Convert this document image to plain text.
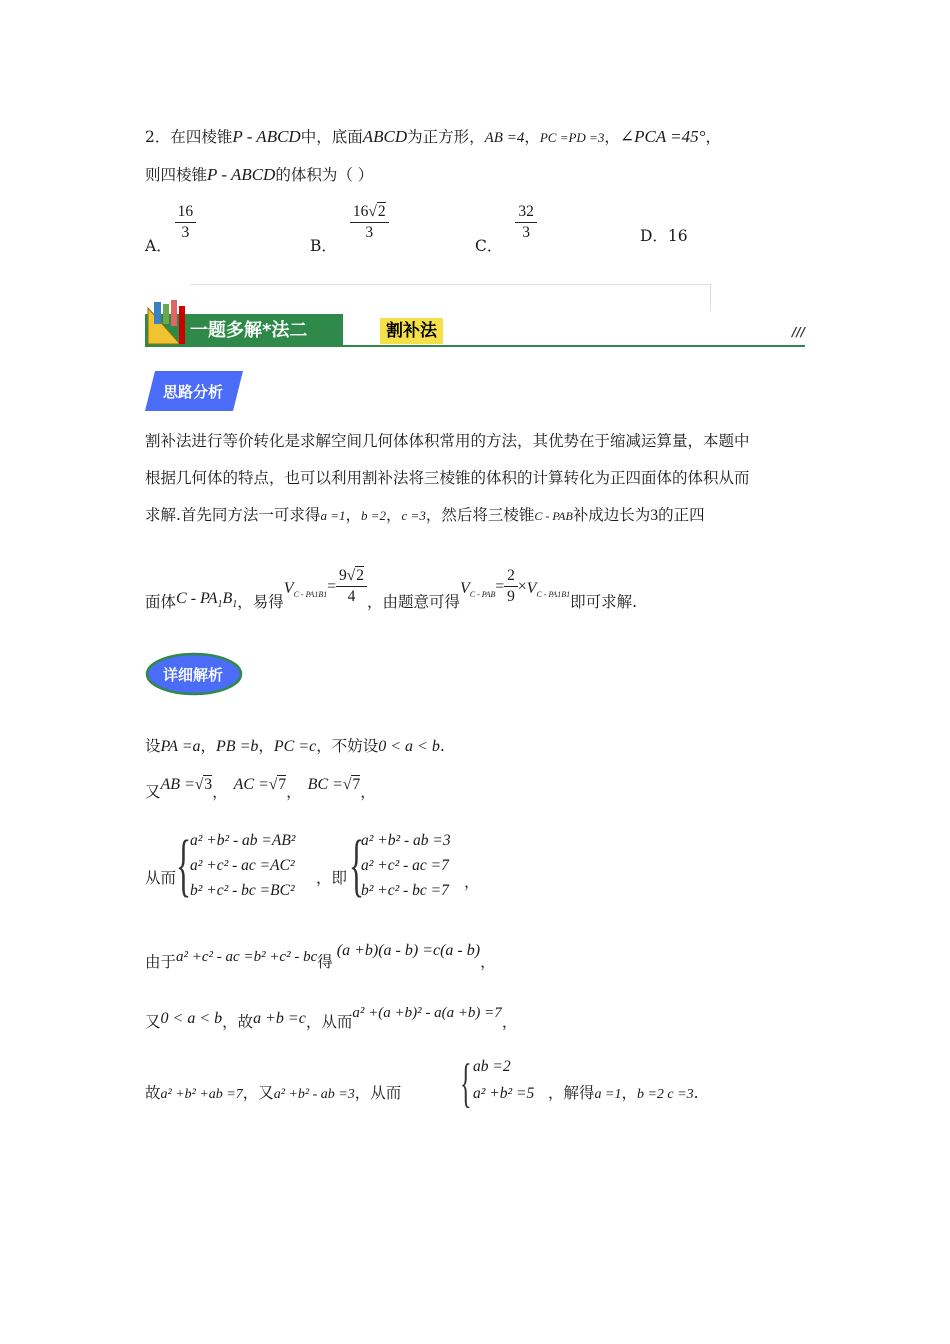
2．在四棱锥P - ABCD中，底面ABCD为正方形，AB =4，PC =PD =3，∠PCA =45°，
则四棱锥P - ABCD的体积为（ ）
A．
$\frac{16}{3}$
B．
$\frac{16√2}{3}$
C．
$\frac{32}{3}$	D．16
一题多解*法二	割补法	///
思路分析
割补法进行等价转化是求解空间几何体体积常用的方法，其优势在于缩减运算量，本题中
根据几何体的特点，也可以利用割补法将三棱锥的体积的计算转化为正四面体的体积从而
求解.首先同方法一可求得a =1，b =2，c =3，然后将三棱锥C - PAB补成边长为3的正四
面体C - $PA_1B_1$，易得$V_{C - PA1B1}= \frac{9√2}{4}$ ，由题意可得$V_{C - PAB}= \frac{2}{9} \times V_{C - PA1B1}$即可求解.
详细解析
设PA =a，PB =b，PC =c，不妨设0 < a < b.
又AB =√3， AC =√7， BC =√7，
从而 {
a² +b² - ab =AB²
a² +c² - ac =AC²
b² +c² - bc =BC²
，即 {
a² +b² - ab =3
a² +c² - ac =7
b² +c² - bc =7 ，
由于a² +c² - ac =b² +c² - bc得(a +b)(a - b) =c(a - b)，
又0 < a < b，故a +b =c，从而a² +(a +b)² - a(a +b) =7，
故a² +b² +ab =7，又a² +b² - ab =3，从而 { ab =2
a² +b² =5 ，解得a =1，b =2 c =3.
